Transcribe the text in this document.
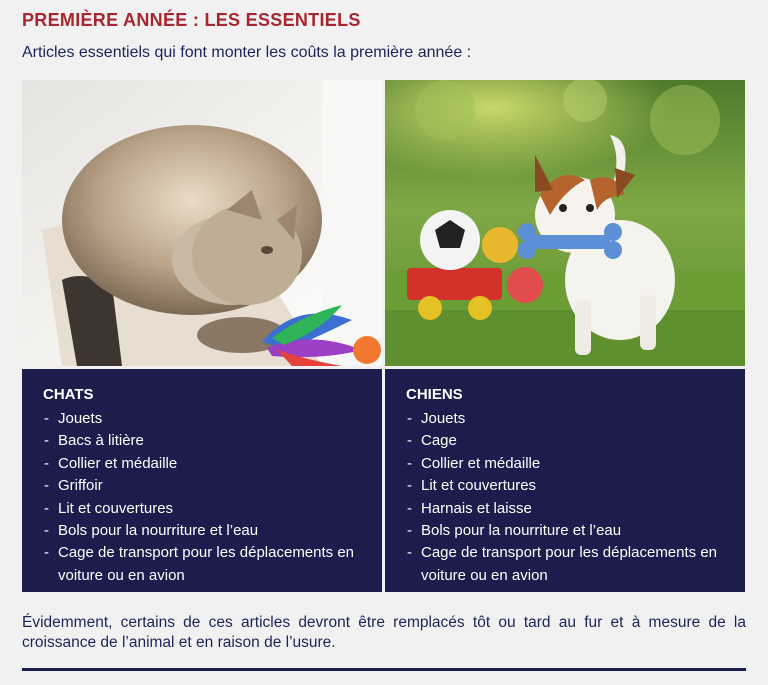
PREMIÈRE ANNÉE : LES ESSENTIELS
Articles essentiels qui font monter les coûts la première année :
CHATS
- Jouets
- Bacs à litière
- Collier et médaille
- Griffoir
- Lit et couvertures
- Bols pour la nourriture et l’eau
- Cage de transport pour les déplacements en voiture ou en avion
CHIENS
- Jouets
- Cage
- Collier et médaille
- Lit et couvertures
- Harnais et laisse
- Bols pour la nourriture et l’eau
- Cage de transport pour les déplacements en voiture ou en avion
Évidemment, certains de ces articles devront être remplacés tôt ou tard au fur et à mesure de la croissance de l’animal et en raison de l’usure.
